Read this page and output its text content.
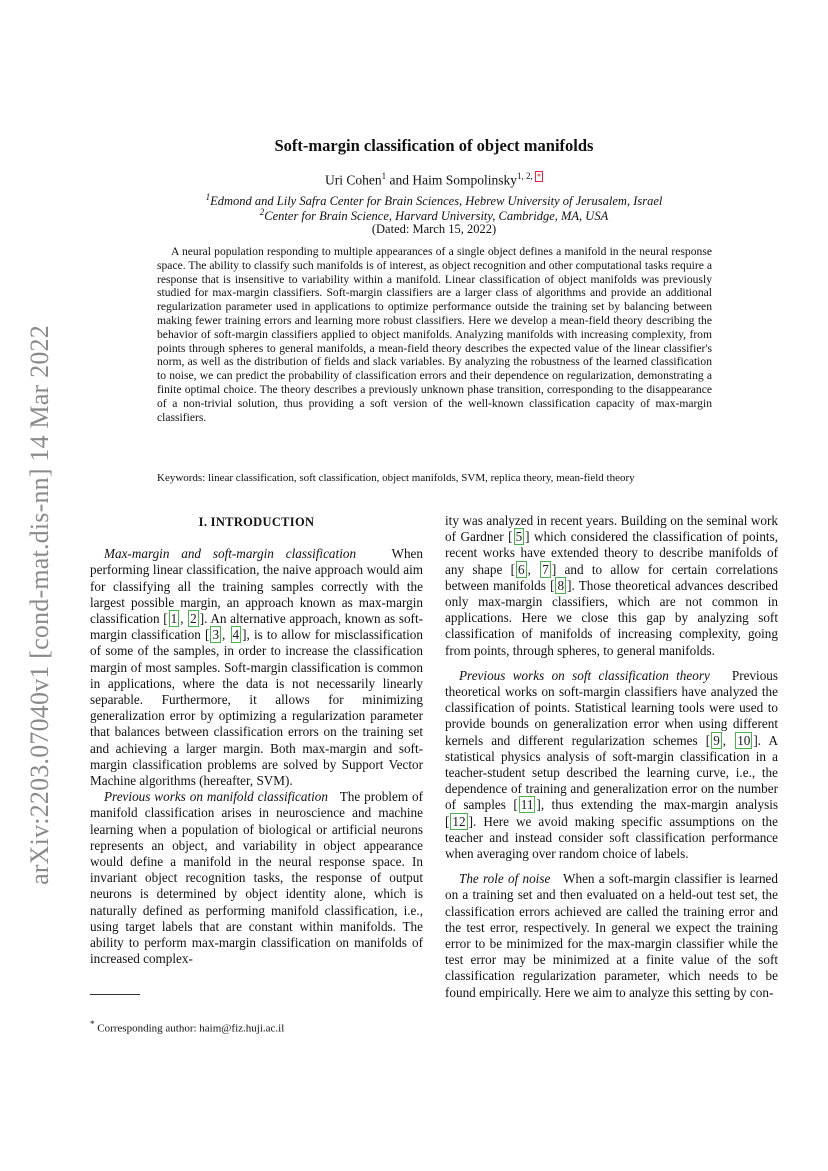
arXiv:2203.07040v1 [cond-mat.dis-nn] 14 Mar 2022
Soft-margin classification of object manifolds
Uri Cohen$^1$ and Haim Sompolinsky$^{1, 2, *}$
$^1$Edmond and Lily Safra Center for Brain Sciences, Hebrew University of Jerusalem, Israel
$^2$Center for Brain Science, Harvard University, Cambridge, MA, USA
(Dated: March 15, 2022)
A neural population responding to multiple appearances of a single object defines a manifold in the neural response space. The ability to classify such manifolds is of interest, as object recognition and other computational tasks require a response that is insensitive to variability within a manifold. Linear classification of object manifolds was previously studied for max-margin classifiers. Soft-margin classifiers are a larger class of algorithms and provide an additional regularization parameter used in applications to optimize performance outside the training set by balancing between making fewer training errors and learning more robust classifiers. Here we develop a mean-field theory describing the behavior of soft-margin classifiers applied to object manifolds. Analyzing manifolds with increasing complexity, from points through spheres to general manifolds, a mean-field theory describes the expected value of the linear classifier's norm, as well as the distribution of fields and slack variables. By analyzing the robustness of the learned classification to noise, we can predict the probability of classification errors and their dependence on regularization, demonstrating a finite optimal choice. The theory describes a previously unknown phase transition, corresponding to the disappearance of a non-trivial solution, thus providing a soft version of the well-known classification capacity of max-margin classifiers.
Keywords: linear classification, soft classification, object manifolds, SVM, replica theory, mean-field theory
I. INTRODUCTION

Max-margin and soft-margin classification	When performing linear classification, the naive approach would aim for classifying all the training samples correctly with the largest possible margin, an approach known as max-margin classification [ 1 , 2 ]. An alternative approach, known as soft-margin classification [ 3 , 4 ], is to allow for misclassification of some of the samples, in order to increase the classification margin of most samples. Soft-margin classification is common in applications, where the data is not necessarily linearly separable. Furthermore, it allows for minimizing generalization error by optimizing a regularization parameter that balances between classification errors on the training set and achieving a larger margin. Both max-margin and soft-margin classification problems are solved by Support Vector Machine algorithms (hereafter, SVM).

Previous works on manifold classification The problem of manifold classification arises in neuroscience and machine learning when a population of biological or artificial neurons represents an object, and variability in object appearance would define a manifold in the neural response space. In invariant object recognition tasks, the response of output neurons is determined by object identity alone, which is naturally defined as performing manifold classification, i.e., using target labels that are constant within manifolds. The ability to perform max-margin classification on manifolds of increased complex-

ity was analyzed in recent years. Building on the seminal work of Gardner [ 5 ] which considered the classification of points, recent works have extended theory to describe manifolds of any shape [ 6 , 7 ] and to allow for certain correlations between manifolds [ 8 ]. Those theoretical advances described only max-margin classifiers, which are not common in applications. Here we close this gap by analyzing soft classification of manifolds of increasing complexity, going from points, through spheres, to general manifolds.

Previous works on soft classification theory Previous theoretical works on soft-margin classifiers have analyzed the classification of points. Statistical learning tools were used to provide bounds on generalization error when using different kernels and different regularization schemes [ 9 , 10 ]. A statistical physics analysis of soft-margin classification in a teacher-student setup described the learning curve, i.e., the dependence of training and generalization error on the number of samples [ 11 ], thus extending the max-margin analysis [ 12 ]. Here we avoid making specific assumptions on the teacher and instead consider soft classification performance when averaging over random choice of labels.

The role of noise When a soft-margin classifier is learned on a training set and then evaluated on a held-out test set, the classification errors achieved are called the training error and the test error, respectively. In general we expect the training error to be minimized for the max-margin classifier while the test error may be minimized at a finite value of the soft classification regularization parameter, which needs to be found empirically. Here we aim to analyze this setting by con-

* Corresponding author: haim@fiz.huji.ac.il
